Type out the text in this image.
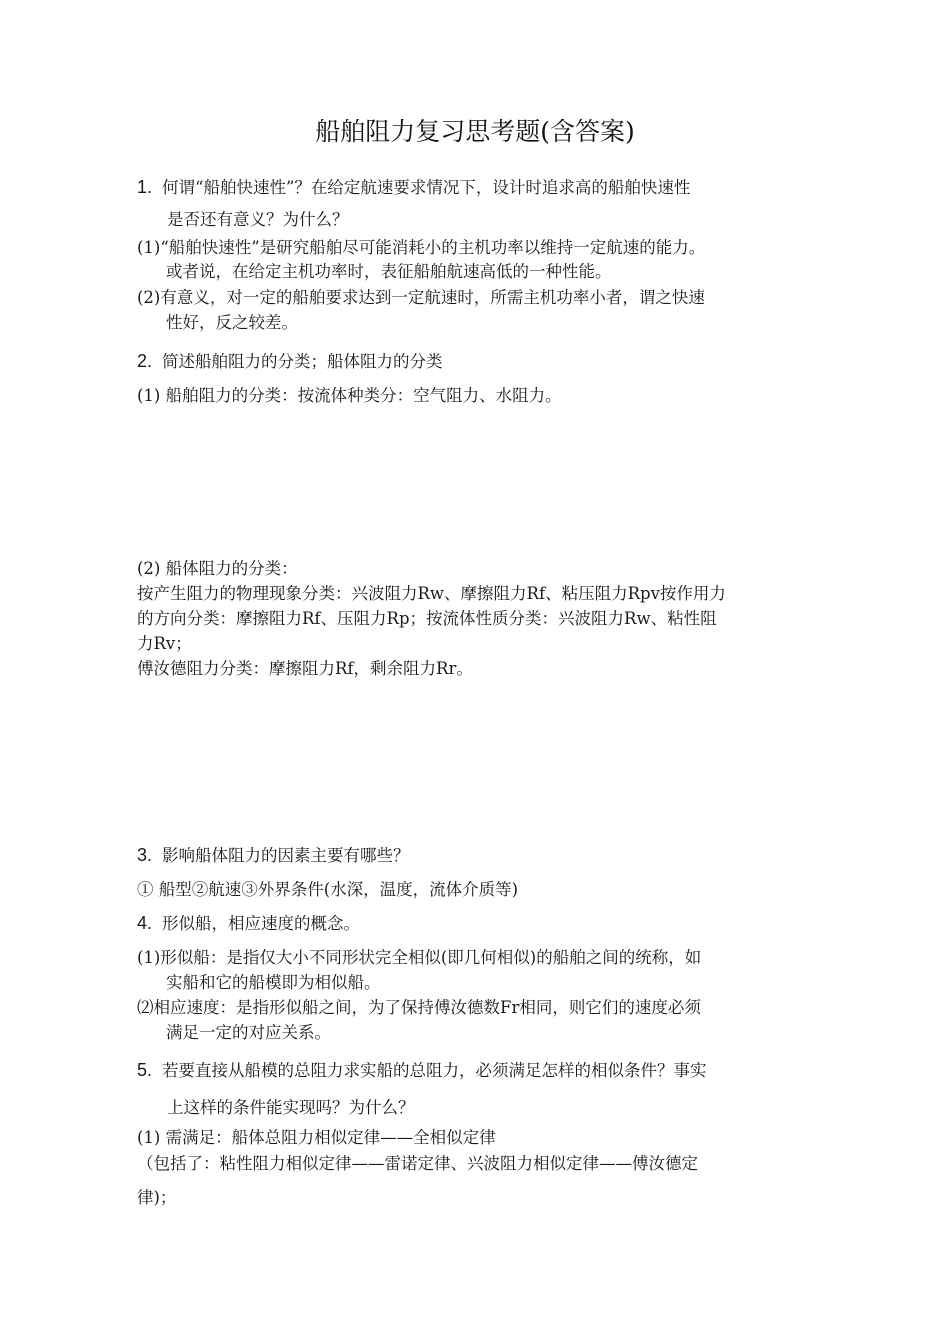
船舶阻力复习思考题(含答案)
1. 何谓“船舶快速性”？在给定航速要求情况下，设计时追求高的船舶快速性
是否还有意义？为什么？
(1)“船舶快速性”是研究船舶尽可能消耗小的主机功率以维持一定航速的能力。
或者说，在给定主机功率时，表征船舶航速高低的一种性能。
(2)有意义，对一定的船舶要求达到一定航速时，所需主机功率小者，谓之快速
性好，反之较差。
2. 简述船舶阻力的分类；船体阻力的分类
(1) 船舶阻力的分类：按流体种类分：空气阻力、水阻力。
(2) 船体阻力的分类：
按产生阻力的物理现象分类：兴波阻力Rw、摩擦阻力Rf、粘压阻力Rpv按作用力
的方向分类：摩擦阻力Rf、压阻力Rp；按流体性质分类：兴波阻力Rw、粘性阻
力Rv；
傅汝德阻力分类：摩擦阻力Rf，剩余阻力Rr。
3. 影响船体阻力的因素主要有哪些？
① 船型②航速③外界条件(水深，温度，流体介质等)
4. 形似船，相应速度的概念。
(1)形似船：是指仅大小不同形状完全相似(即几何相似)的船舶之间的统称，如
实船和它的船模即为相似船。
⑵相应速度：是指形似船之间，为了保持傅汝德数Fr相同，则它们的速度必须
满足一定的对应关系。
5. 若要直接从船模的总阻力求实船的总阻力，必须满足怎样的相似条件？事实
上这样的条件能实现吗？为什么？
(1) 需满足：船体总阻力相似定律——全相似定律
（包括了：粘性阻力相似定律——雷诺定律、兴波阻力相似定律——傅汝德定
律)；
